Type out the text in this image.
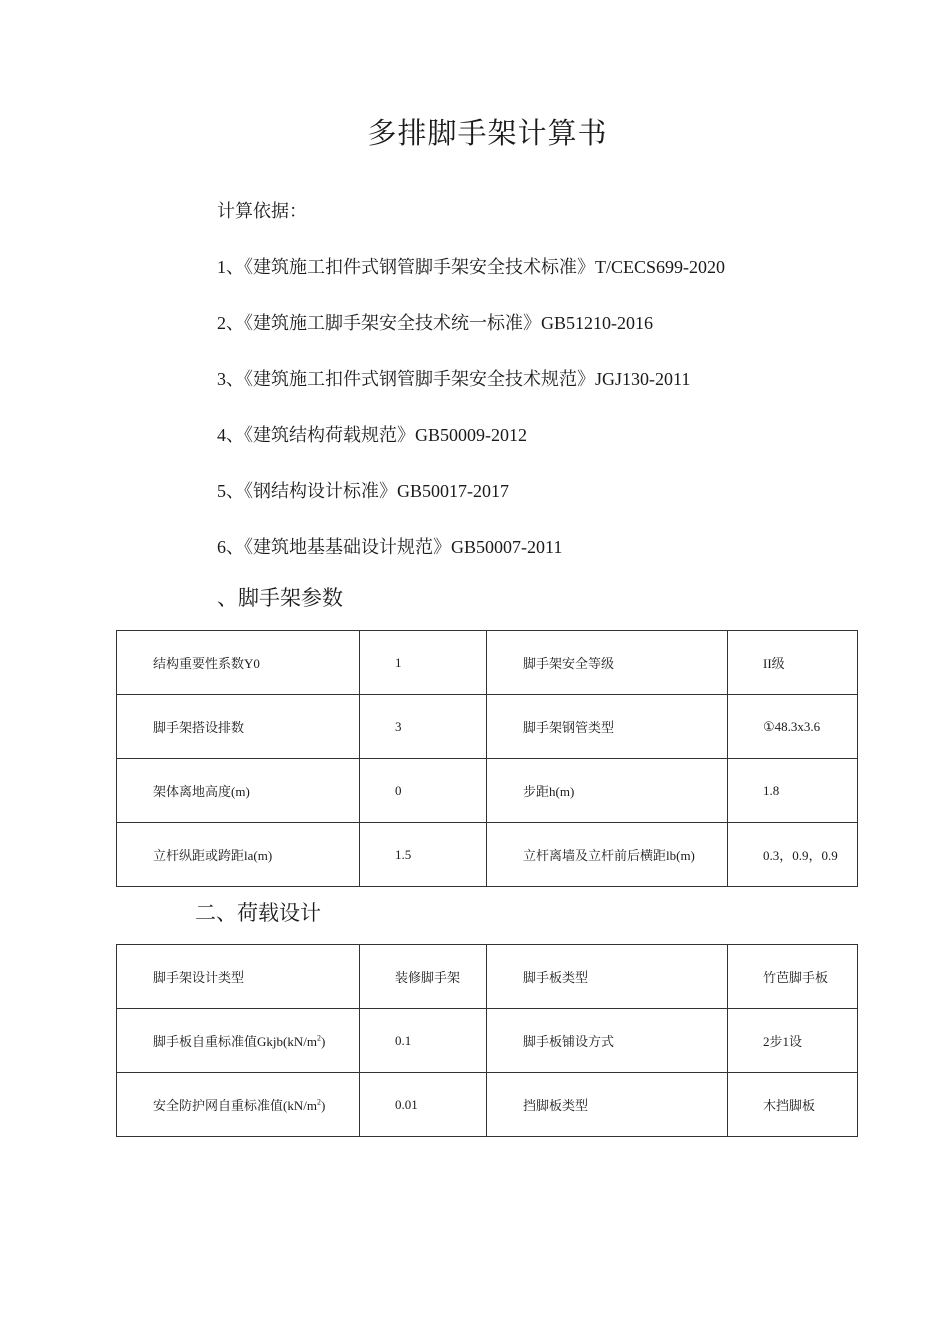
多排脚手架计算书
计算依据：
1、《建筑施工扣件式钢管脚手架安全技术标准》T/CECS699-2020
2、《建筑施工脚手架安全技术统一标准》GB51210-2016
3、《建筑施工扣件式钢管脚手架安全技术规范》JGJ130-2011
4、《建筑结构荷载规范》GB50009-2012
5、《钢结构设计标准》GB50017-2017
6、《建筑地基基础设计规范》GB50007-2011
、脚手架参数
结构重要性系数Y0	1	脚手架安全等级	II级
脚手架搭设排数	3	脚手架钢管类型	①48.3x3.6
架体离地高度(m)	0	步距h(m)	1.8
立杆纵距或跨距la(m)	1.5	立杆离墙及立杆前后横距lb(m)	0.3，0.9，0.9
二、荷载设计
脚手架设计类型	装修脚手架	脚手板类型	竹芭脚手板
脚手板自重标准值$Gkjb(kN/m^2)$	0.1	脚手板铺设方式	2步1设
安全防护网自重标准值$(kN/m^2)$	0.01	挡脚板类型	木挡脚板
